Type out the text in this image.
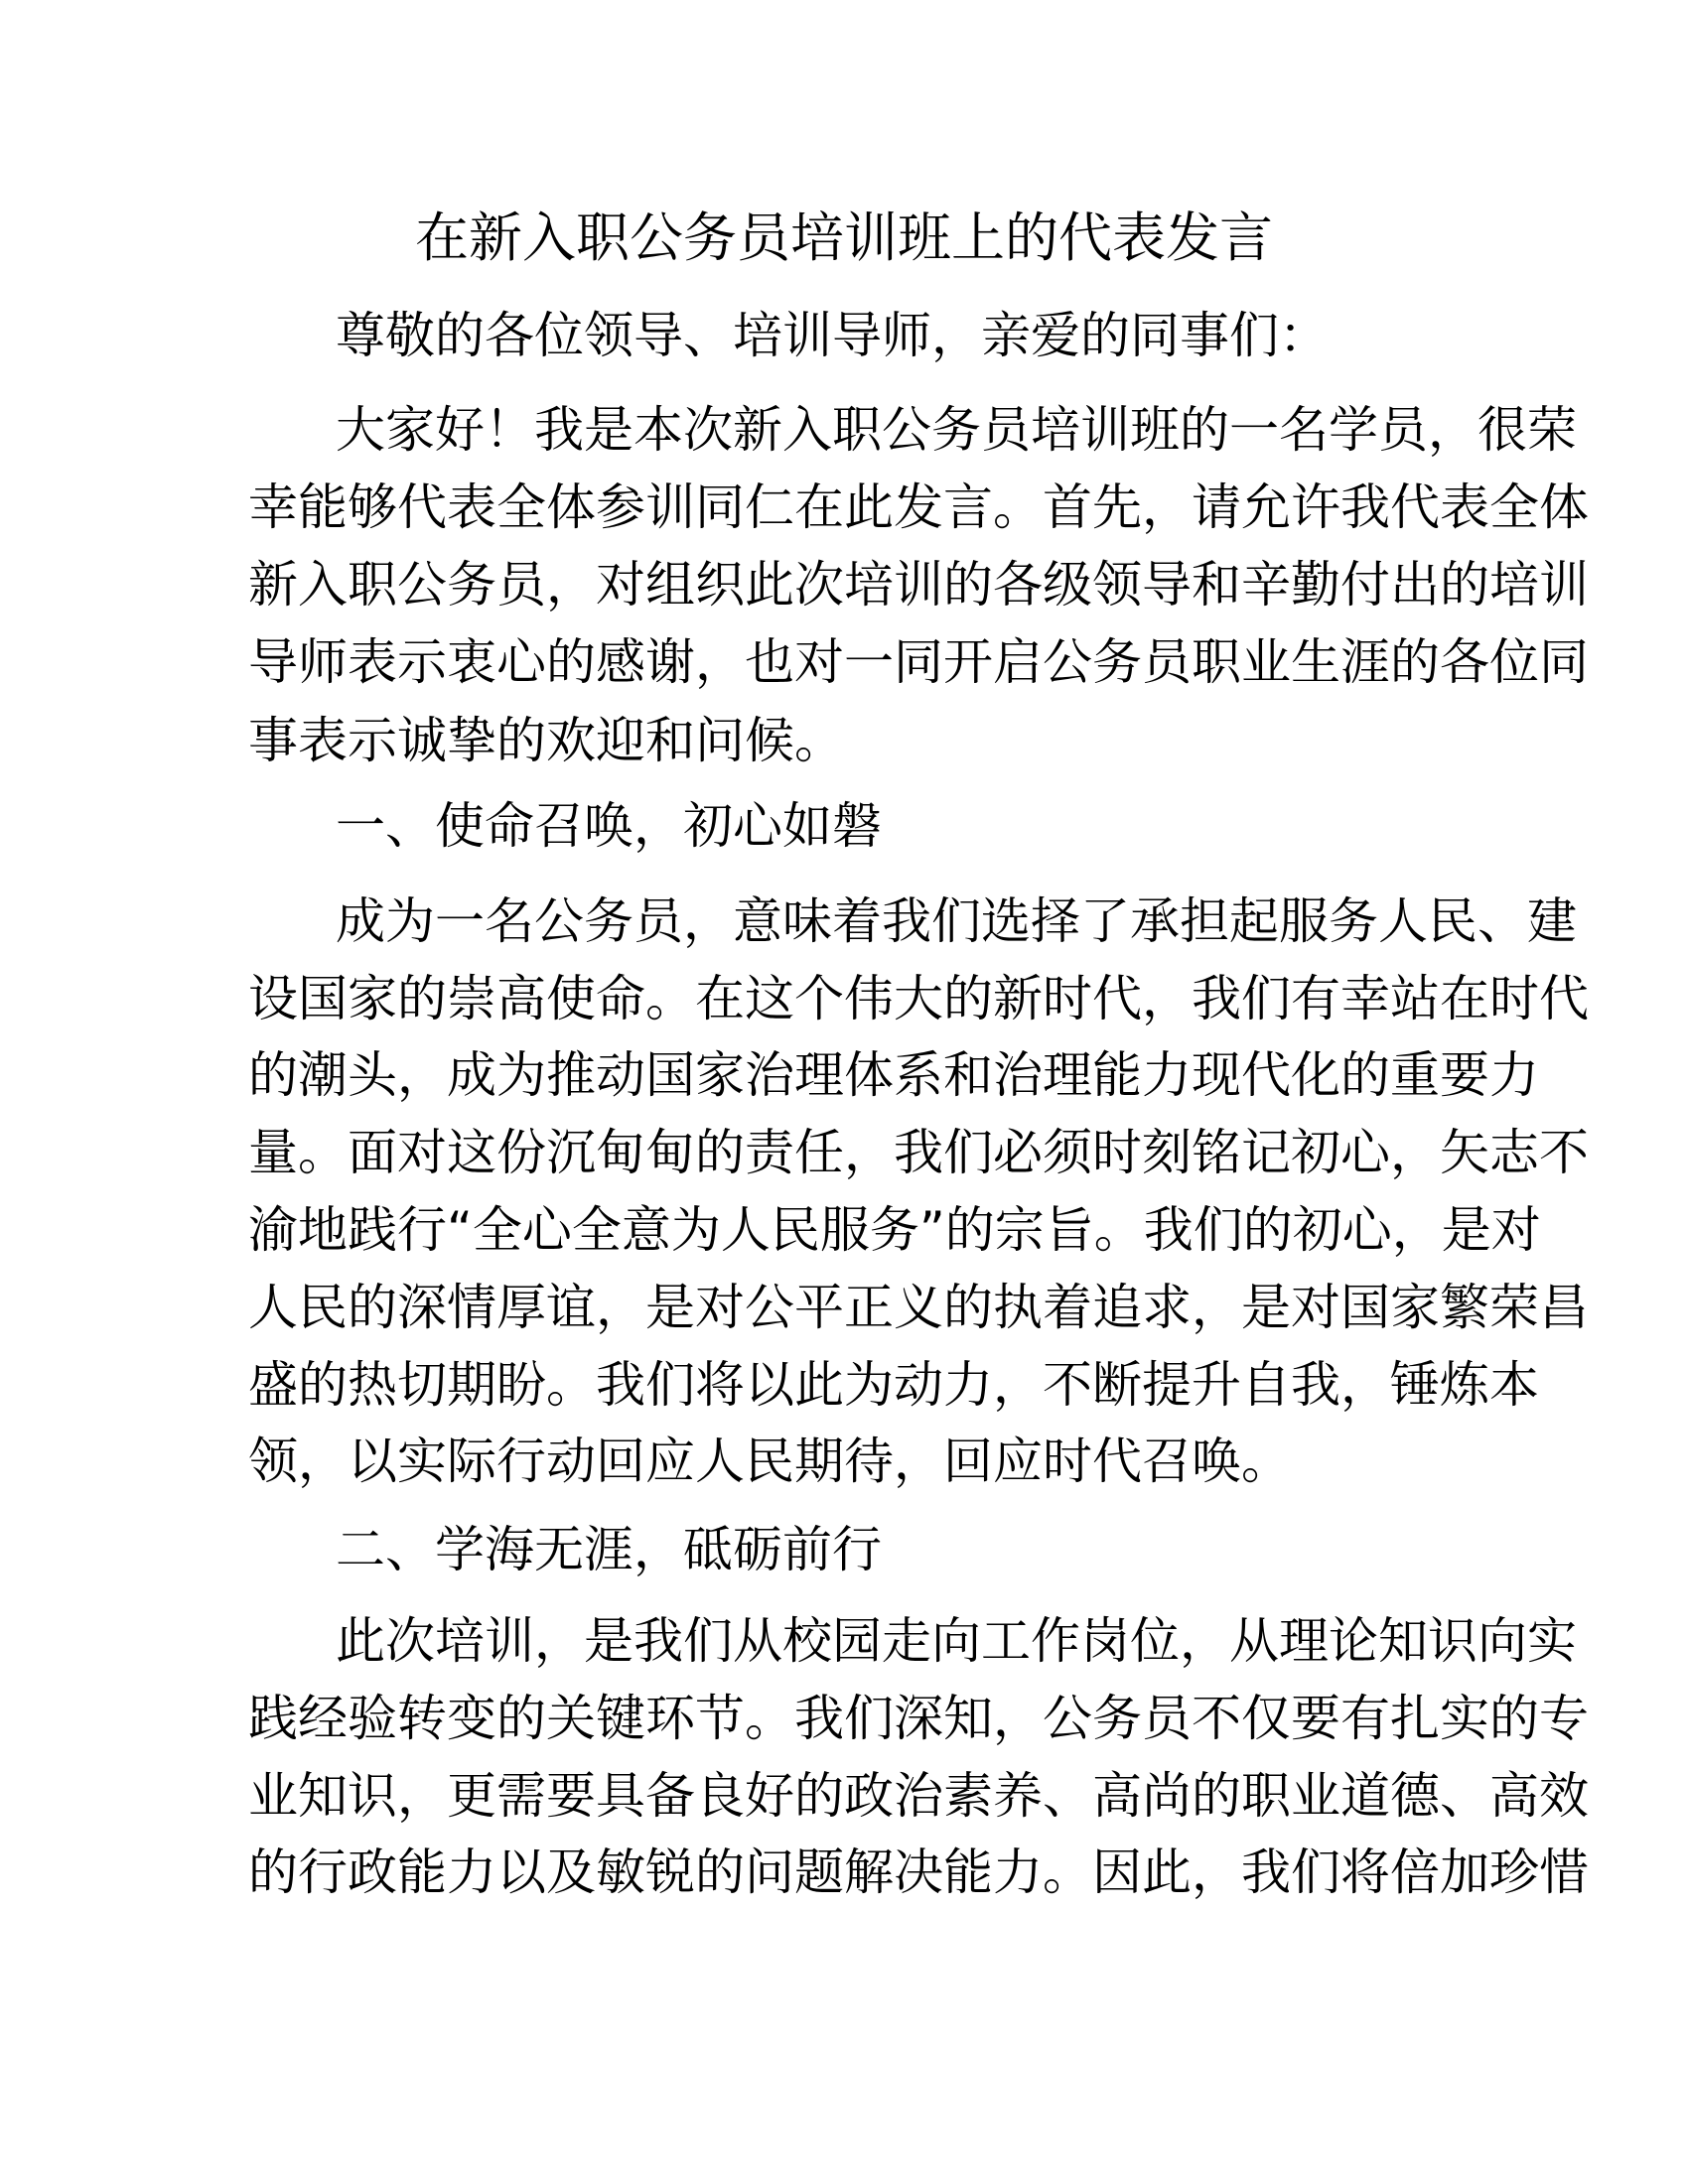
在新入职公务员培训班上的代表发言
尊敬的各位领导、培训导师，亲爱的同事们：
大家好！我是本次新入职公务员培训班的一名学员，很荣
幸能够代表全体参训同仁在此发言。首先，请允许我代表全体
新入职公务员，对组织此次培训的各级领导和辛勤付出的培训
导师表示衷心的感谢，也对一同开启公务员职业生涯的各位同
事表示诚挚的欢迎和问候。
一、使命召唤，初心如磐
成为一名公务员，意味着我们选择了承担起服务人民、建
设国家的崇高使命。在这个伟大的新时代，我们有幸站在时代
的潮头，成为推动国家治理体系和治理能力现代化的重要力
量。面对这份沉甸甸的责任，我们必须时刻铭记初心，矢志不
渝地践行“全心全意为人民服务”的宗旨。我们的初心，是对
人民的深情厚谊，是对公平正义的执着追求，是对国家繁荣昌
盛的热切期盼。我们将以此为动力，不断提升自我，锤炼本
领，以实际行动回应人民期待，回应时代召唤。
二、学海无涯，砥砺前行
此次培训，是我们从校园走向工作岗位，从理论知识向实
践经验转变的关键环节。我们深知，公务员不仅要有扎实的专
业知识，更需要具备良好的政治素养、高尚的职业道德、高效
的行政能力以及敏锐的问题解决能力。因此，我们将倍加珍惜
